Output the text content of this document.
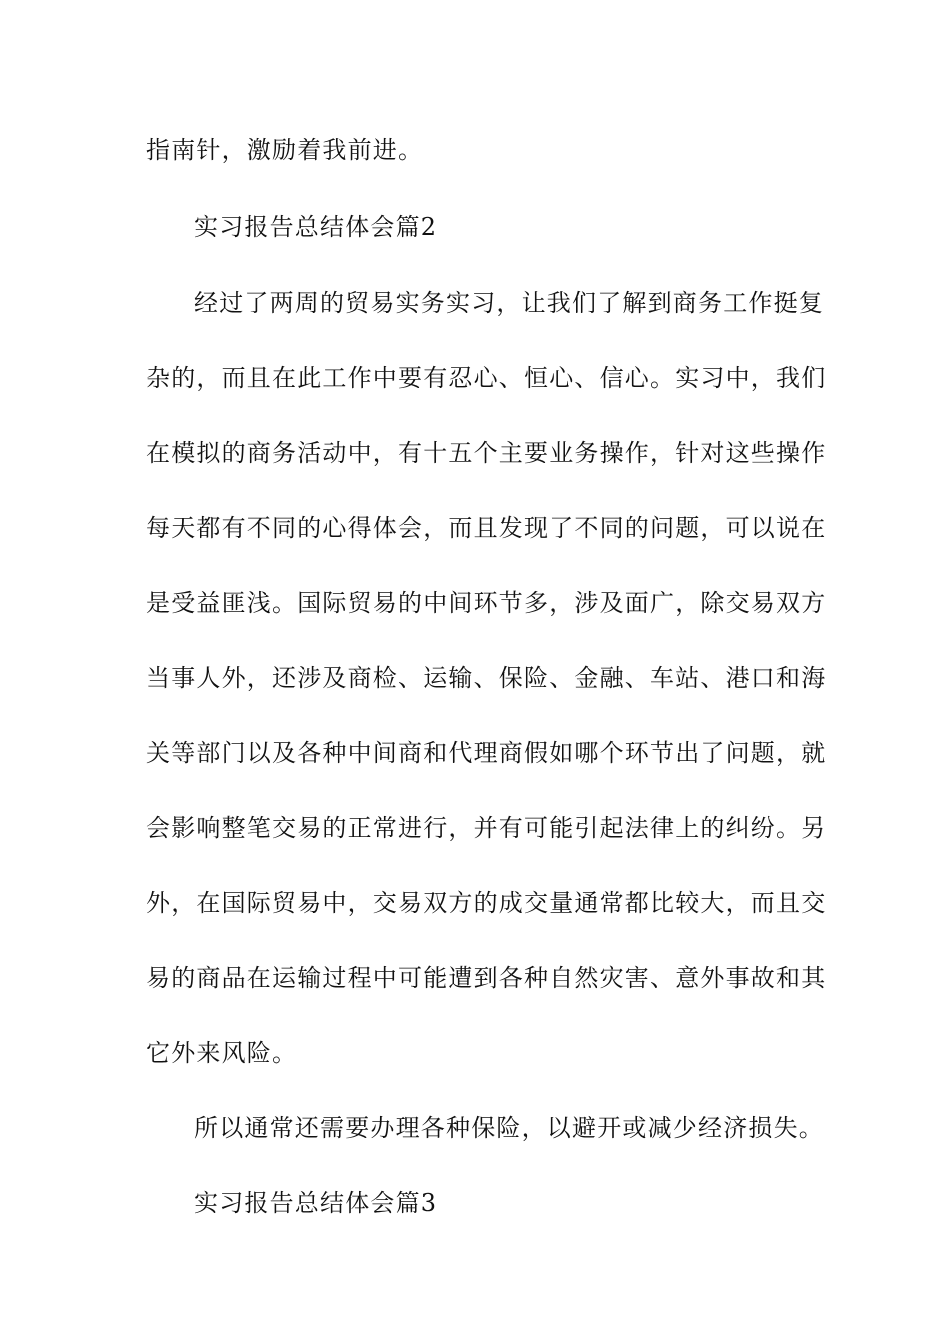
指南针，激励着我前进。
实习报告总结体会篇2
经过了两周的贸易实务实习，让我们了解到商务工作挺复
杂的，而且在此工作中要有忍心、恒心、信心。实习中，我们
在模拟的商务活动中，有十五个主要业务操作，针对这些操作
每天都有不同的心得体会，而且发现了不同的问题，可以说在
是受益匪浅。国际贸易的中间环节多，涉及面广，除交易双方
当事人外，还涉及商检、运输、保险、金融、车站、港口和海
关等部门以及各种中间商和代理商假如哪个环节出了问题，就
会影响整笔交易的正常进行，并有可能引起法律上的纠纷。另
外，在国际贸易中，交易双方的成交量通常都比较大，而且交
易的商品在运输过程中可能遭到各种自然灾害、意外事故和其
它外来风险。
所以通常还需要办理各种保险，以避开或减少经济损失。
实习报告总结体会篇3
